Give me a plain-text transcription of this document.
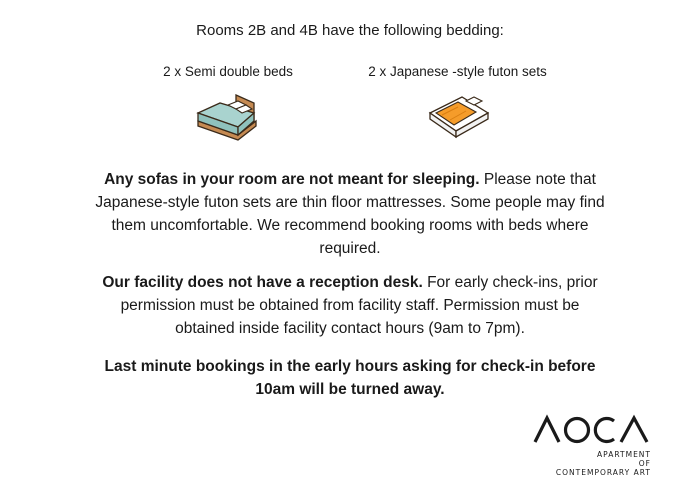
Rooms 2B and 4B have the following bedding:
2 x Semi double beds	2 x Japanese -style futon sets
Any sofas in your room are not meant for sleeping. Please note that Japanese-style futon sets are thin floor mattresses. Some people may find them uncomfortable. We recommend booking rooms with beds where required.
Our facility does not have a reception desk. For early check-ins, prior permission must be obtained from facility staff. Permission must be obtained inside facility contact hours (9am to 7pm).
Last minute bookings in the early hours asking for check-in before 10am will be turned away.
APARTMENT
OF
CONTEMPORARY ART
